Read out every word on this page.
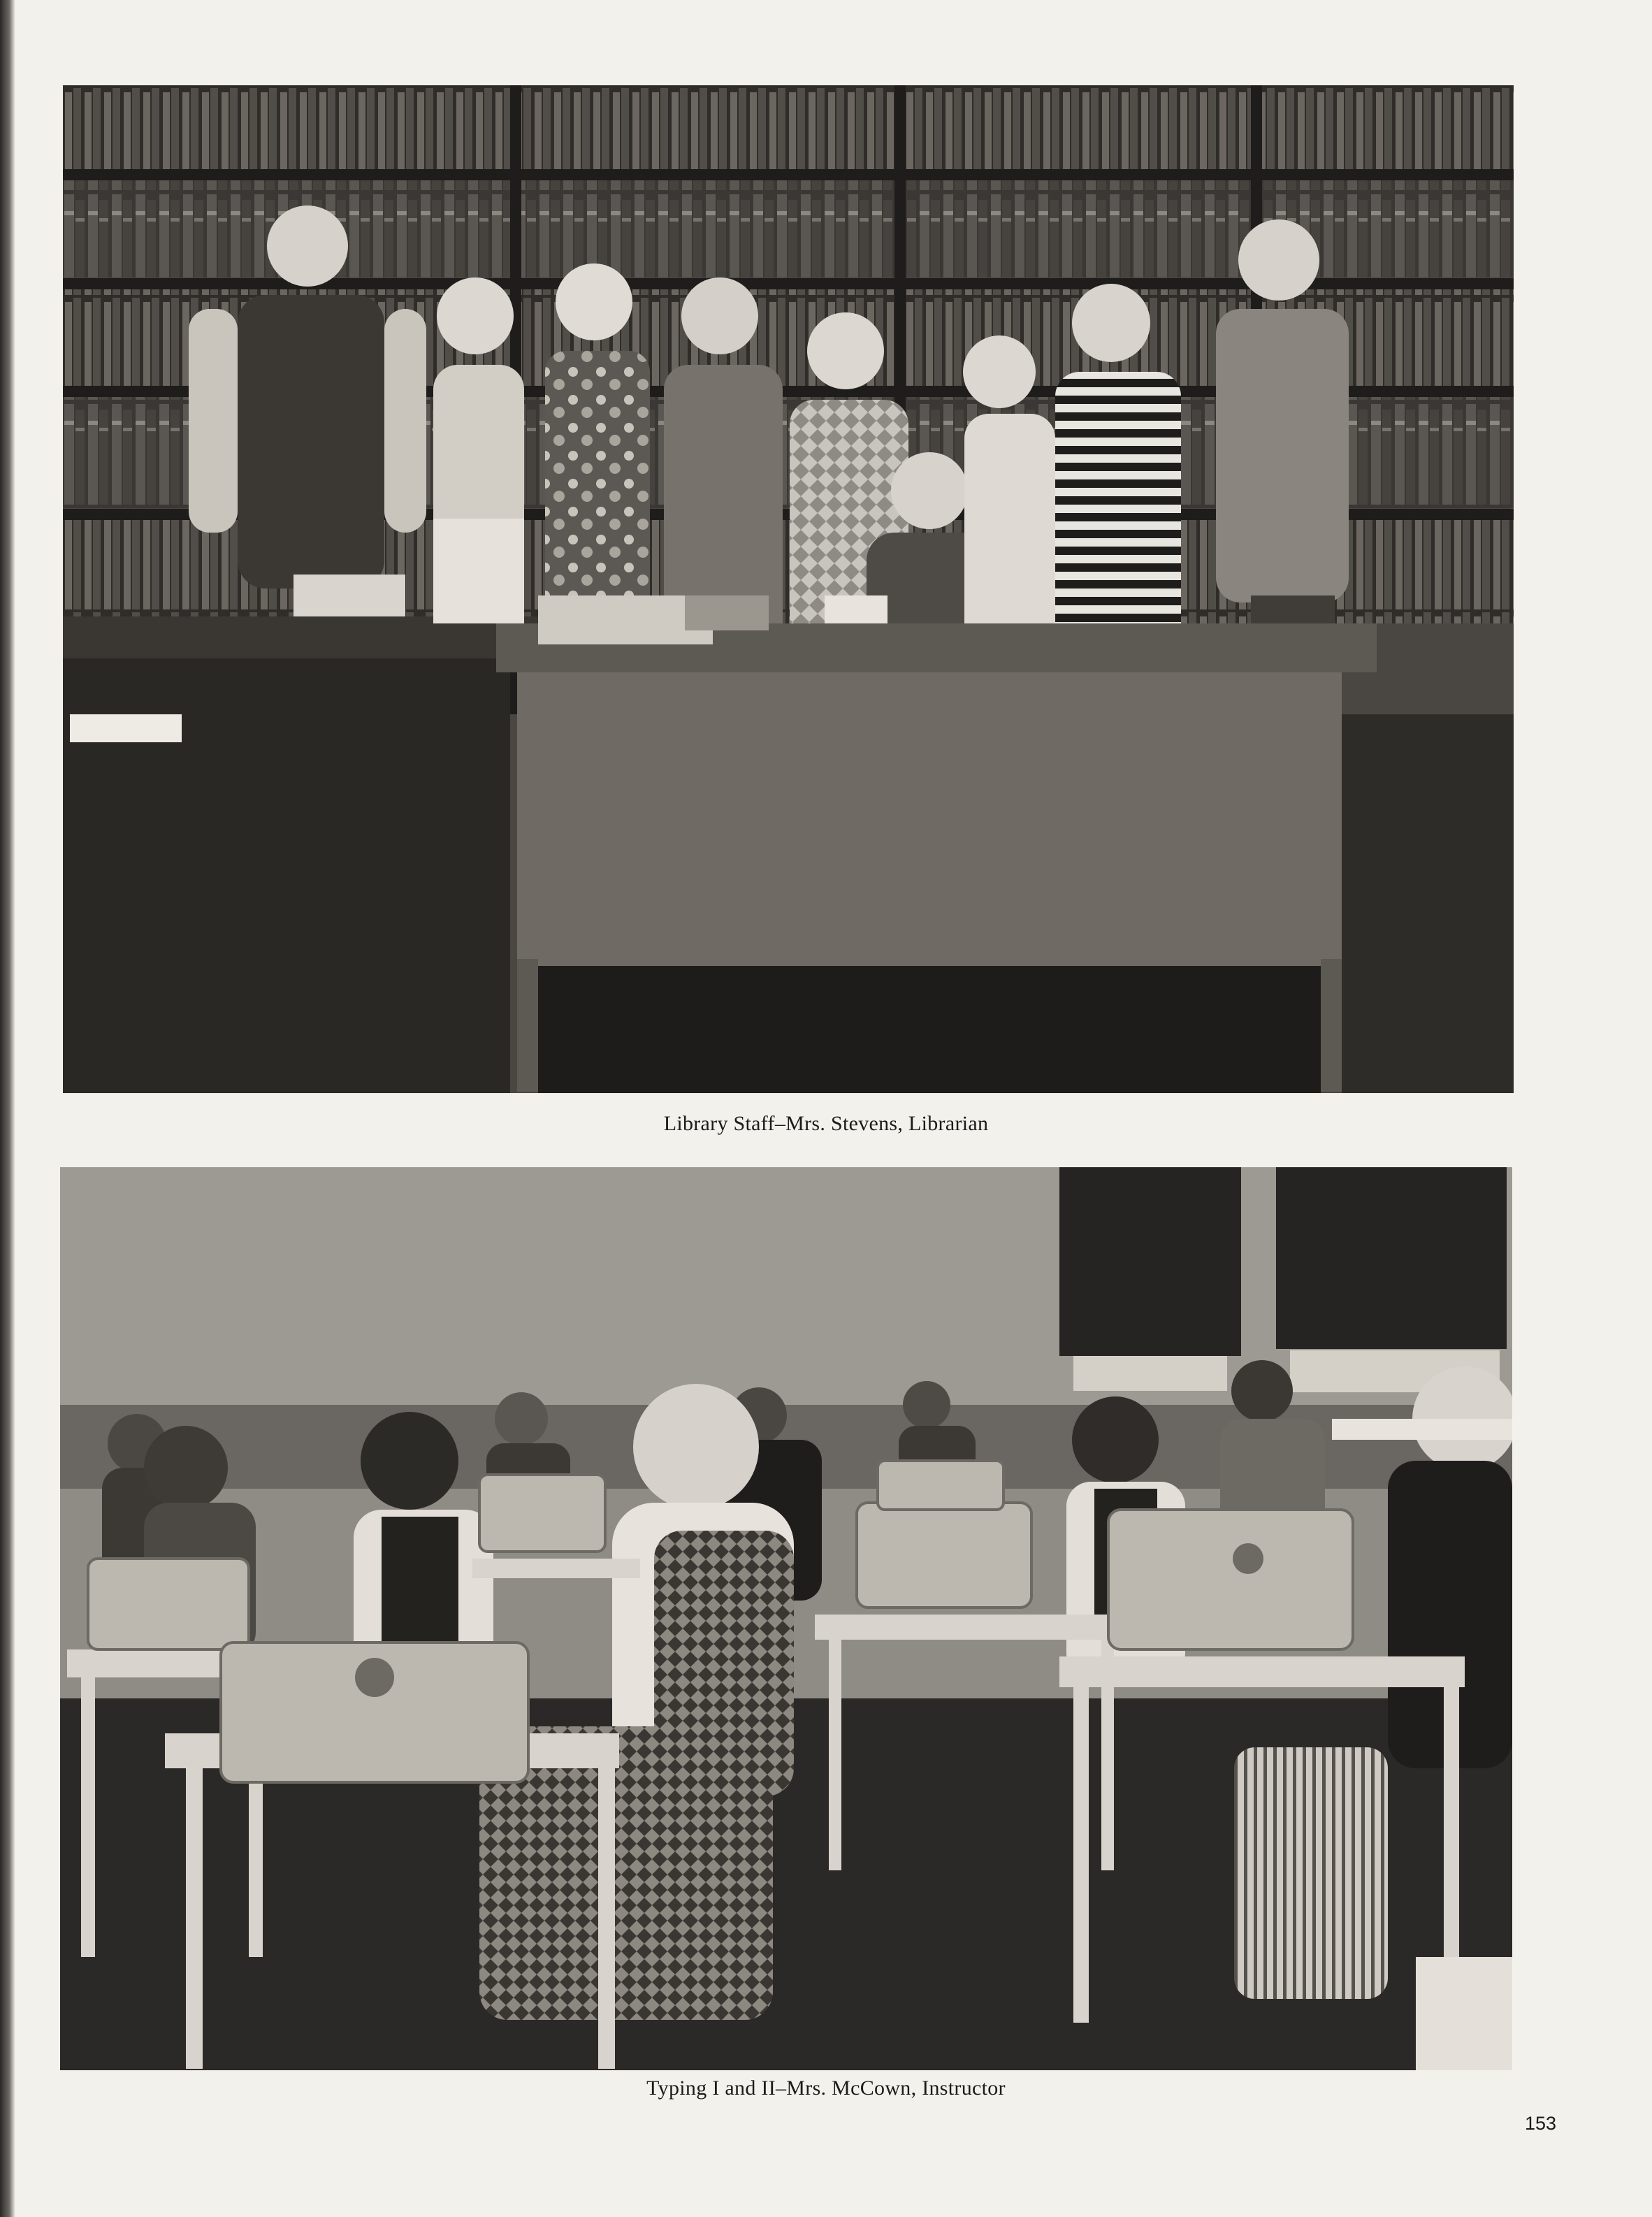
Library Staff–Mrs. Stevens, Librarian
Typing I and II–Mrs. McCown, Instructor
153
